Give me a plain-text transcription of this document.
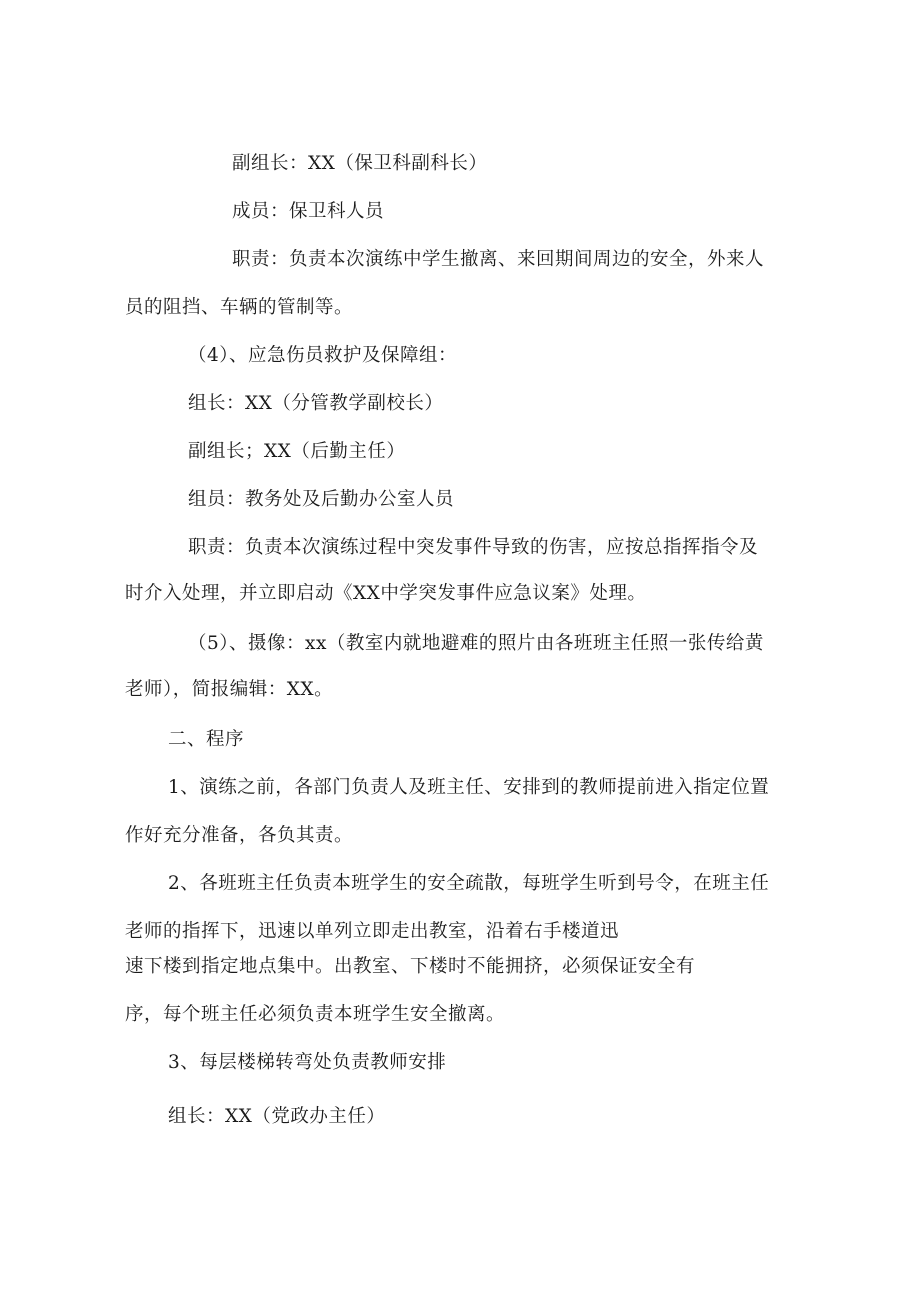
副组长：XX（保卫科副科长）
成员：保卫科人员
职责：负责本次演练中学生撤离、来回期间周边的安全，外来人
员的阻挡、车辆的管制等。
（4）、应急伤员救护及保障组：
组长：XX（分管教学副校长）
副组长；XX（后勤主任）
组员：教务处及后勤办公室人员
职责：负责本次演练过程中突发事件导致的伤害，应按总指挥指令及
时介入处理，并立即启动《XX中学突发事件应急议案》处理。
（5）、摄像：xx（教室内就地避难的照片由各班班主任照一张传给黄
老师），简报编辑：XX。
二、程序
1、演练之前，各部门负责人及班主任、安排到的教师提前进入指定位置
作好充分准备，各负其责。
2、各班班主任负责本班学生的安全疏散，每班学生听到号令，在班主任
老师的指挥下，迅速以单列立即走出教室，沿着右手楼道迅
速下楼到指定地点集中。出教室、下楼时不能拥挤，必须保证安全有
序，每个班主任必须负责本班学生安全撤离。
3、每层楼梯转弯处负责教师安排
组长：XX（党政办主任）
